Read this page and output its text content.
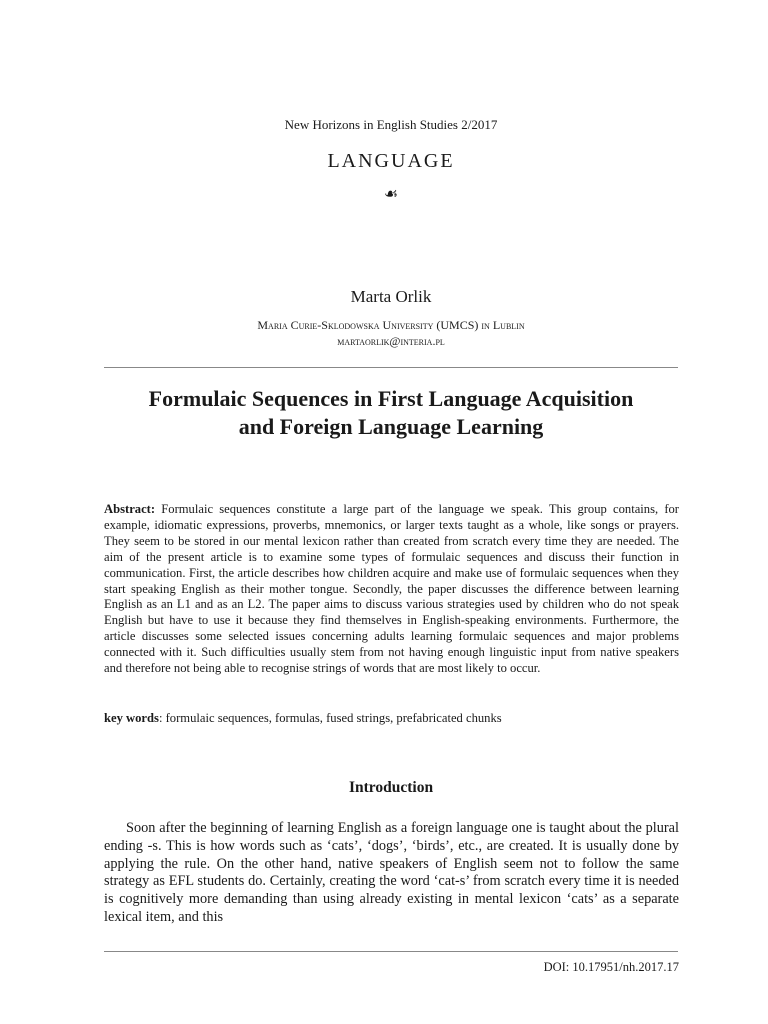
New Horizons in English Studies 2/2017
LANGUAGE
☙
Marta Orlik
Maria Curie-Sklodowska University (UMCS) in Lublin
martaorlik@interia.pl
Formulaic Sequences in First Language Acquisition
and Foreign Language Learning
Abstract: Formulaic sequences constitute a large part of the language we speak. This group contains, for example, idiomatic expressions, proverbs, mnemonics, or larger texts taught as a whole, like songs or prayers. They seem to be stored in our mental lexicon rather than created from scratch every time they are needed. The aim of the present article is to examine some types of formulaic sequences and discuss their function in communication. First, the article describes how children acquire and make use of formulaic sequences when they start speaking English as their mother tongue. Secondly, the paper discusses the difference between learning English as an L1 and as an L2. The paper aims to discuss various strategies used by children who do not speak English but have to use it because they find themselves in English-speaking environments. Furthermore, the article discusses some selected issues concerning adults learning formulaic sequences and major problems connected with it. Such difficulties usually stem from not having enough linguistic input from native speakers and therefore not being able to recognise strings of words that are most likely to occur.
key words: formulaic sequences, formulas, fused strings, prefabricated chunks
Introduction
Soon after the beginning of learning English as a foreign language one is taught about the plural ending -s. This is how words such as ‘cats’, ‘dogs’, ‘birds’, etc., are created. It is usually done by applying the rule. On the other hand, native speakers of English seem not to follow the same strategy as EFL students do. Certainly, creating the word ‘cat-s’ from scratch every time it is needed is cognitively more demanding than using already existing in mental lexicon ‘cats’ as a separate lexical item, and this
DOI: 10.17951/nh.2017.17
